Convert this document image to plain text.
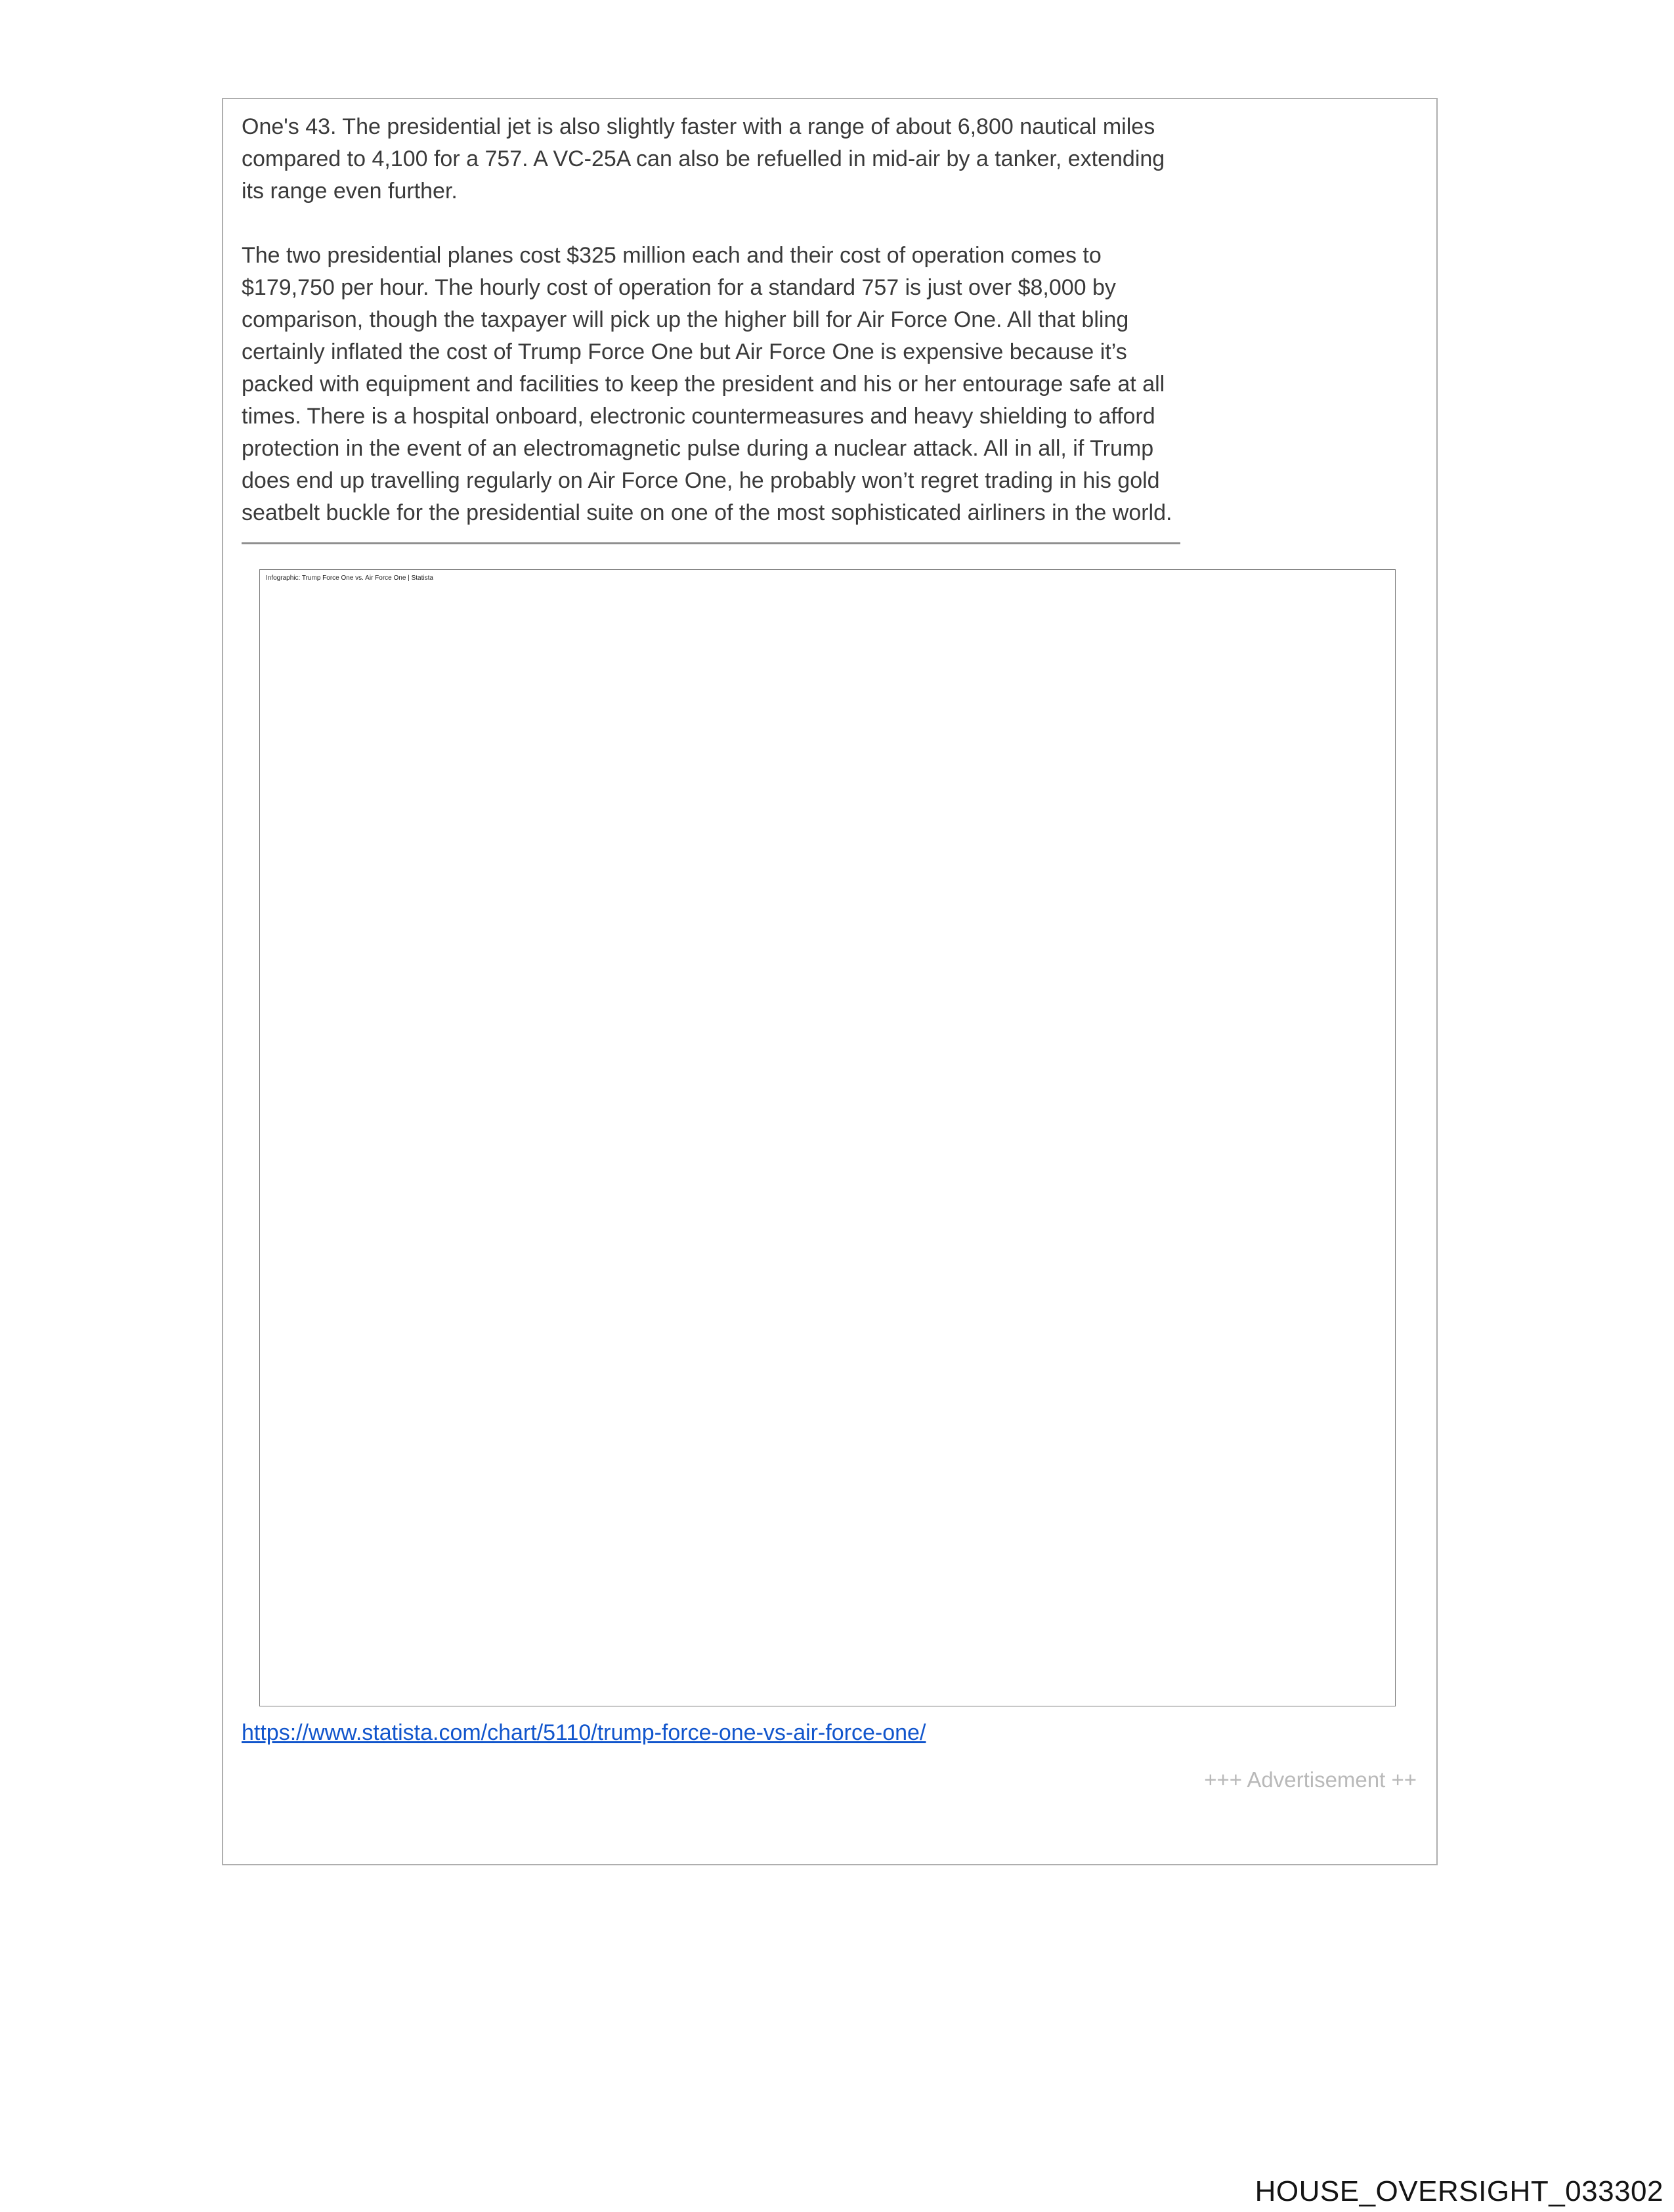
One's 43. The presidential jet is also slightly faster with a range of about 6,800 nautical miles compared to 4,100 for a 757. A VC-25A can also be refuelled in mid-air by a tanker, extending its range even further.

The two presidential planes cost $325 million each and their cost of operation comes to $179,750 per hour. The hourly cost of operation for a standard 757 is just over $8,000 by comparison, though the taxpayer will pick up the higher bill for Air Force One. All that bling certainly inflated the cost of Trump Force One but Air Force One is expensive because it’s packed with equipment and facilities to keep the president and his or her entourage safe at all times. There is a hospital onboard, electronic countermeasures and heavy shielding to afford protection in the event of an electromagnetic pulse during a nuclear attack. All in all, if Trump does end up travelling regularly on Air Force One, he probably won’t regret trading in his gold seatbelt buckle for the presidential suite on one of the most sophisticated airliners in the world.

Infographic: Trump Force One vs. Air Force One | Statista
https://www.statista.com/chart/5110/trump-force-one-vs-air-force-one/
+++ Advertisement ++
HOUSE_OVERSIGHT_033302
